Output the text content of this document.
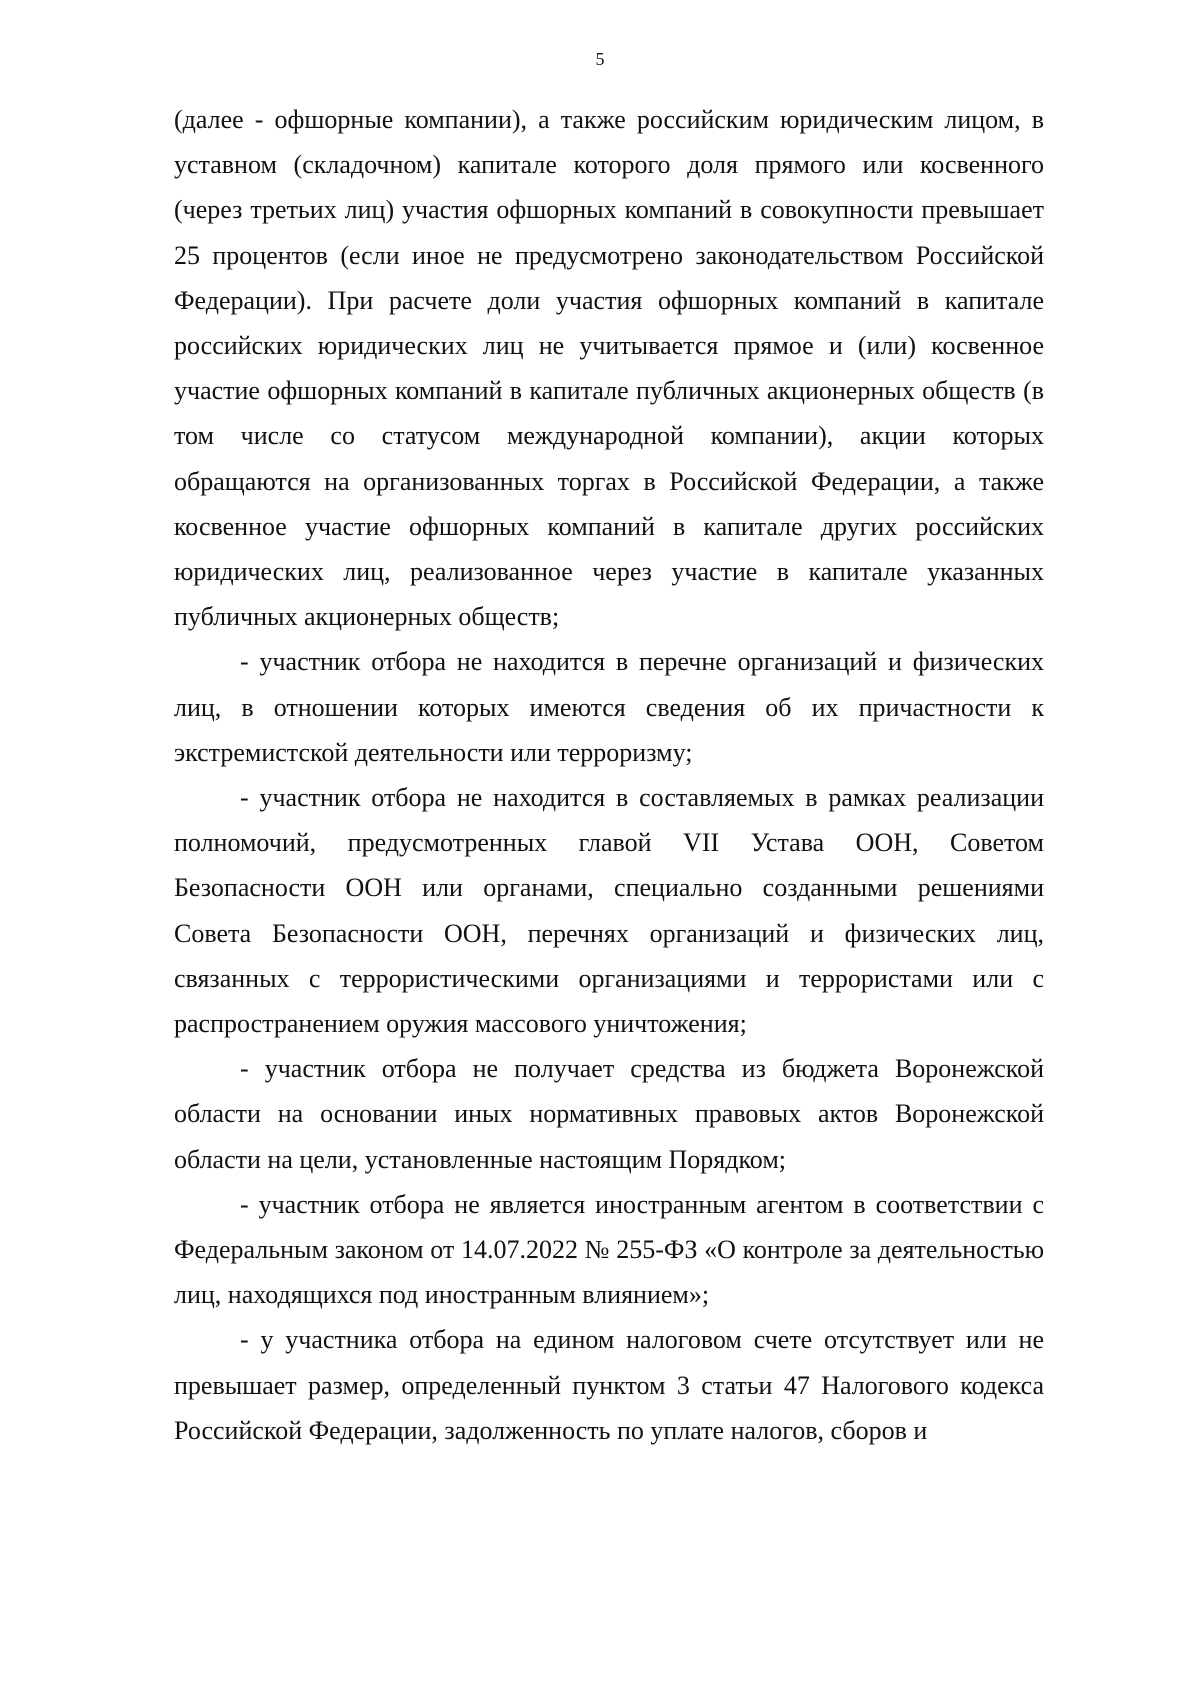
5

(далее - офшорные компании), а также российским юридическим лицом, в уставном (складочном) капитале которого доля прямого или косвенного (через третьих лиц) участия офшорных компаний в совокупности превышает 25 процентов (если иное не предусмотрено законодательством Российской Федерации). При расчете доли участия офшорных компаний в капитале российских юридических лиц не учитывается прямое и (или) косвенное участие офшорных компаний в капитале публичных акционерных обществ (в том числе со статусом международной компании), акции которых обращаются на организованных торгах в Российской Федерации, а также косвенное участие офшорных компаний в капитале других российских юридических лиц, реализованное через участие в капитале указанных публичных акционерных обществ;

- участник отбора не находится в перечне организаций и физических лиц, в отношении которых имеются сведения об их причастности к экстремистской деятельности или терроризму;

- участник отбора не находится в составляемых в рамках реализации полномочий, предусмотренных главой VII Устава ООН, Советом Безопасности ООН или органами, специально созданными решениями Совета Безопасности ООН, перечнях организаций и физических лиц, связанных с террористическими организациями и террористами или с распространением оружия массового уничтожения;

- участник отбора не получает средства из бюджета Воронежской области на основании иных нормативных правовых актов Воронежской области на цели, установленные настоящим Порядком;

- участник отбора не является иностранным агентом в соответствии с Федеральным законом от 14.07.2022 № 255-ФЗ «О контроле за деятельностью лиц, находящихся под иностранным влиянием»;

- у участника отбора на едином налоговом счете отсутствует или не превышает размер, определенный пунктом 3 статьи 47 Налогового кодекса Российской Федерации, задолженность по уплате налогов, сборов и
